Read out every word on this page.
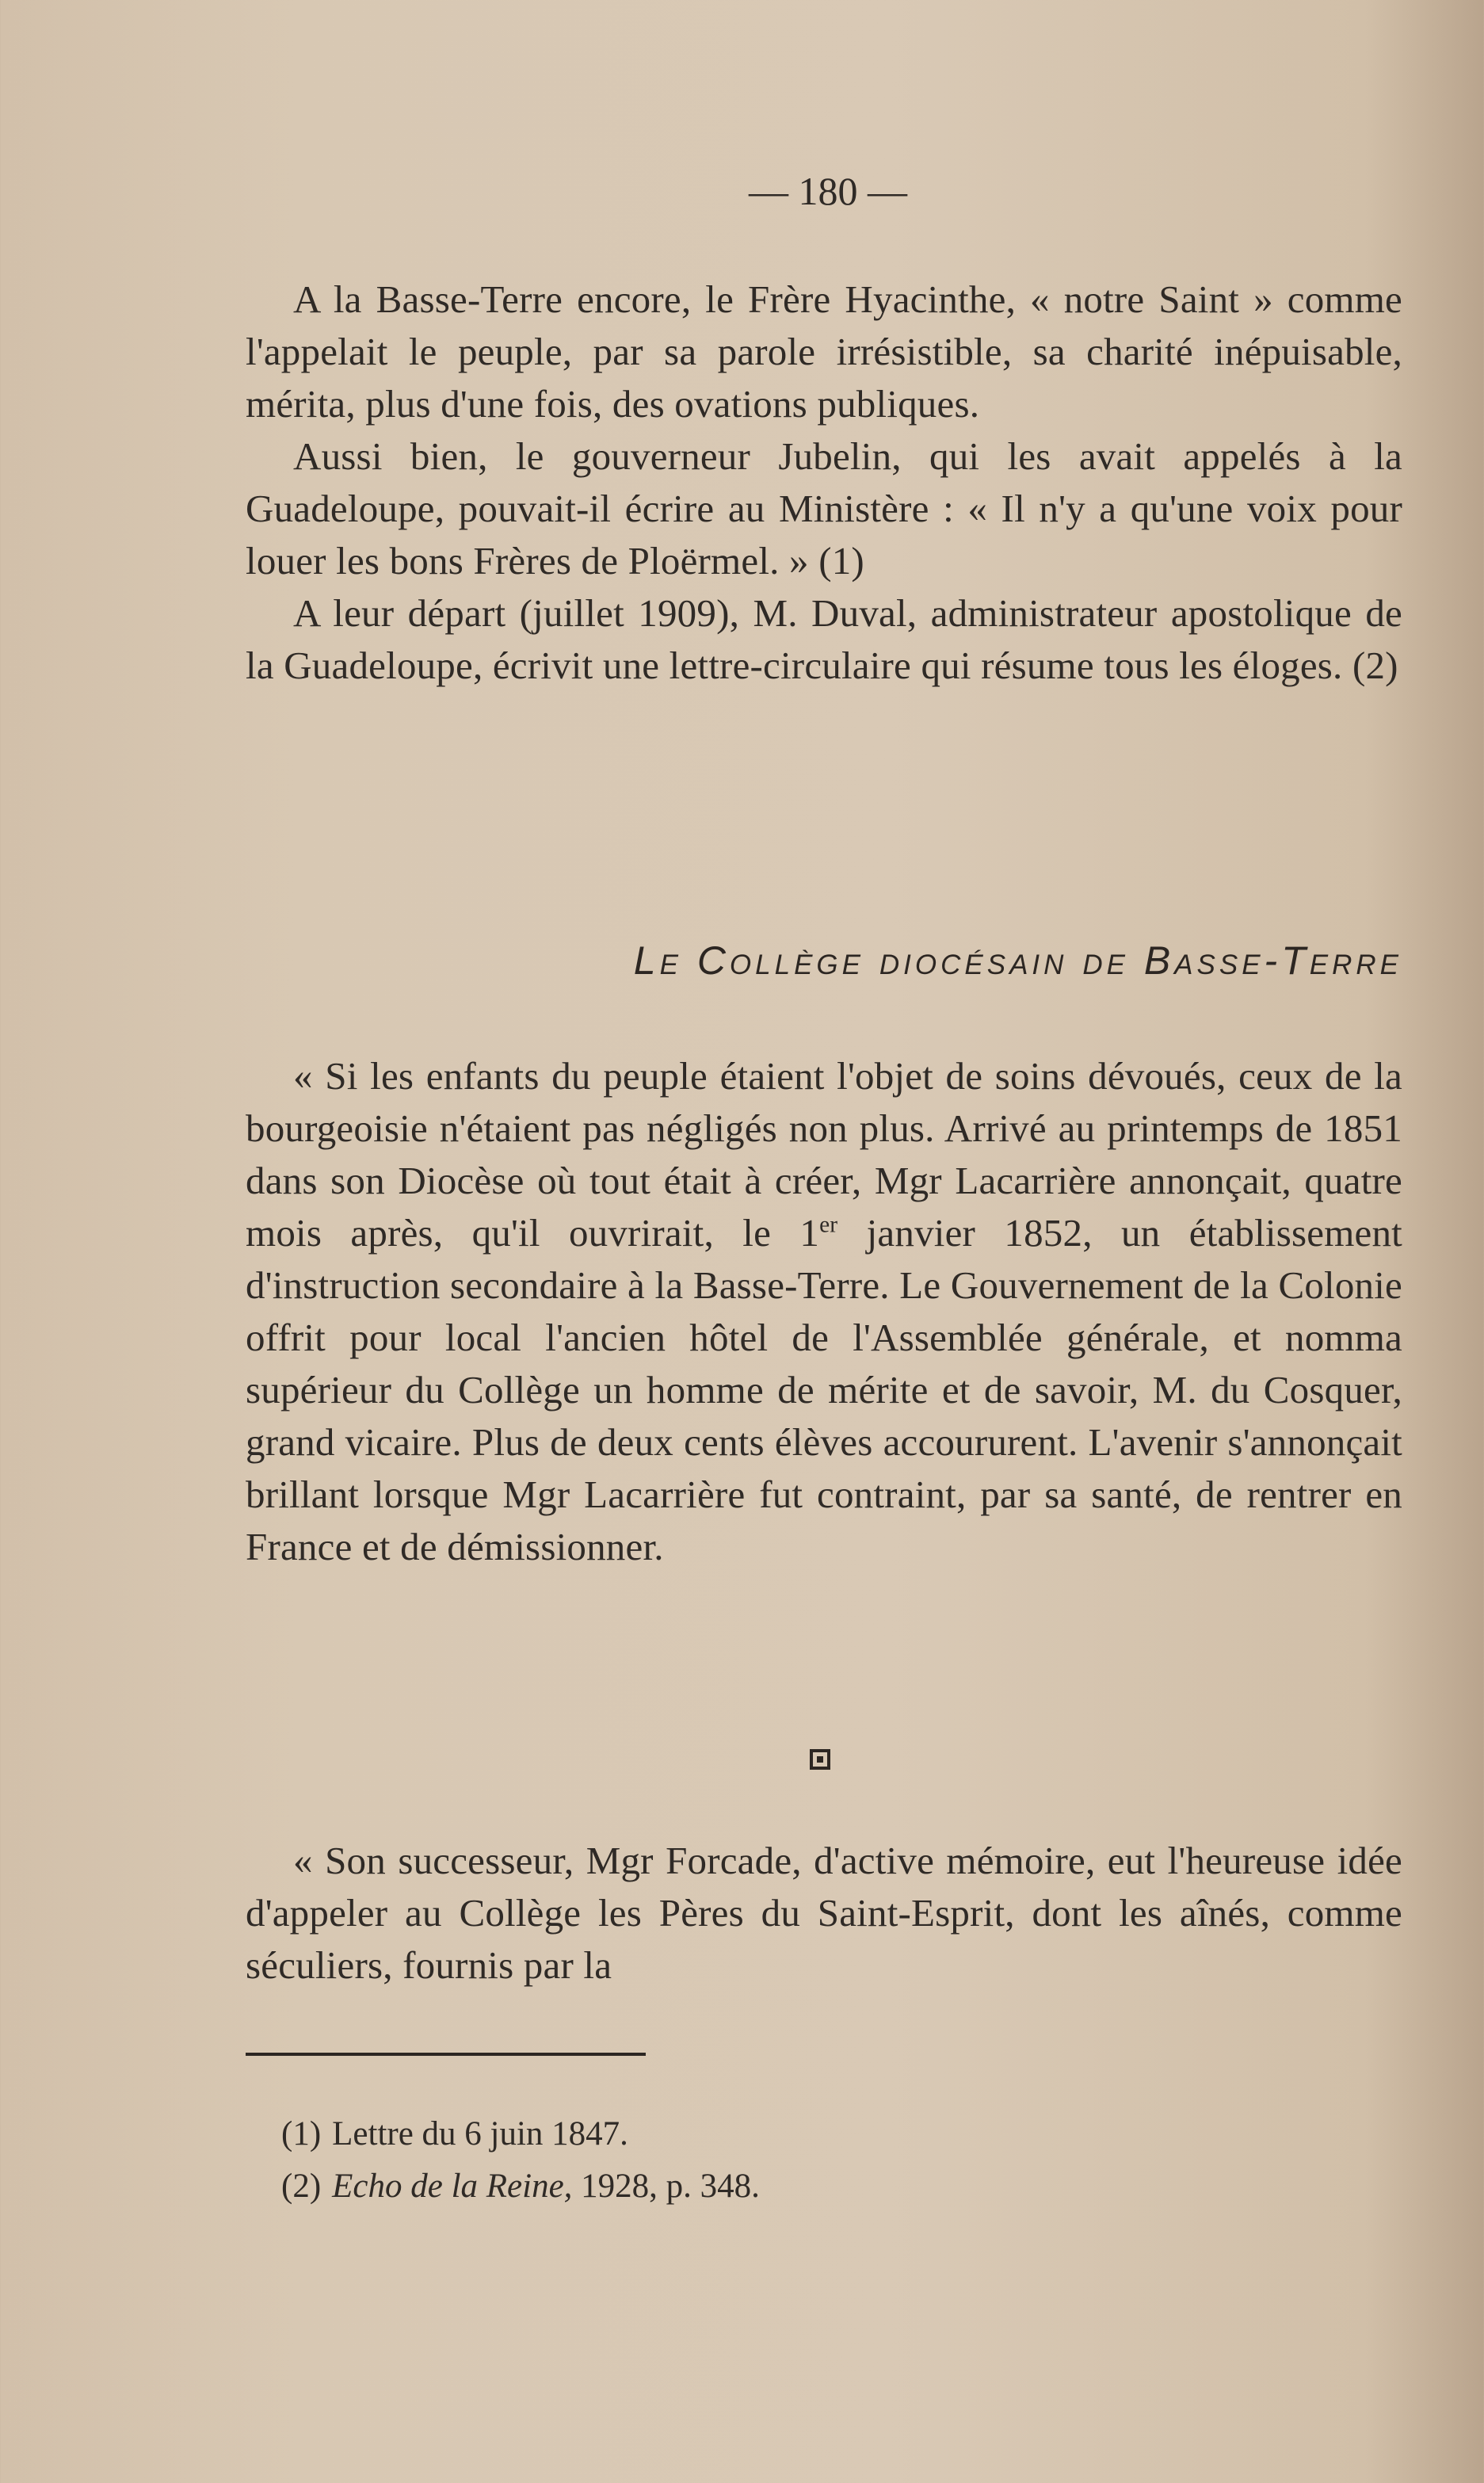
— 180 —

A la Basse-Terre encore, le Frère Hyacinthe, « notre Saint » comme l'appelait le peuple, par sa parole irrésistible, sa charité inépuisable, mérita, plus d'une fois, des ovations publiques.

Aussi bien, le gouverneur Jubelin, qui les avait appelés à la Guadeloupe, pouvait-il écrire au Ministère : « Il n'y a qu'une voix pour louer les bons Frères de Ploërmel. » (1)

A leur départ (juillet 1909), M. Duval, administrateur apostolique de la Guadeloupe, écrivit une lettre-circulaire qui résume tous les éloges. (2)

Le Collège diocésain de Basse-Terre

« Si les enfants du peuple étaient l'objet de soins dévoués, ceux de la bourgeoisie n'étaient pas négligés non plus. Arrivé au printemps de 1851 dans son Diocèse où tout était à créer, Mgr Lacarrière annonçait, quatre mois après, qu'il ouvrirait, le 1er janvier 1852, un établissement d'instruction secondaire à la Basse-Terre. Le Gouvernement de la Colonie offrit pour local l'ancien hôtel de l'Assemblée générale, et nomma supérieur du Collège un homme de mérite et de savoir, M. du Cosquer, grand vicaire. Plus de deux cents élèves accoururent. L'avenir s'annonçait brillant lorsque Mgr Lacarrière fut contraint, par sa santé, de rentrer en France et de démissionner.

« Son successeur, Mgr Forcade, d'active mémoire, eut l'heureuse idée d'appeler au Collège les Pères du Saint-Esprit, dont les aînés, comme séculiers, fournis par la

(1) Lettre du 6 juin 1847.
(2) Echo de la Reine, 1928, p. 348.
